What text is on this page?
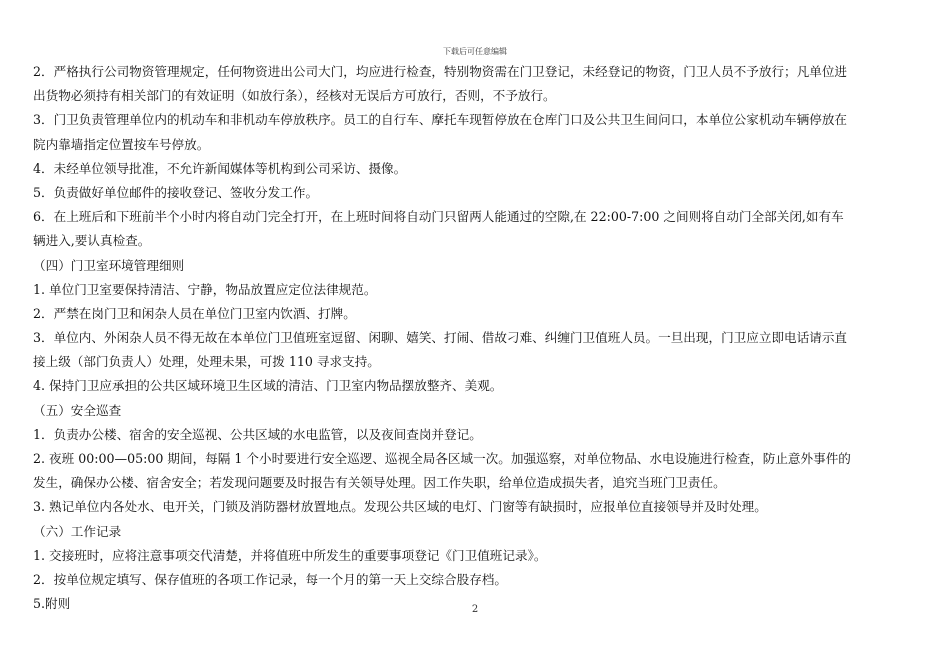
下载后可任意编辑
2．严格执行公司物资管理规定，任何物资进出公司大门，均应进行检查，特别物资需在门卫登记，未经登记的物资，门卫人员不予放行；凡单位进
出货物必须持有相关部门的有效证明（如放行条），经核对无误后方可放行，否则，不予放行。
3．门卫负责管理单位内的机动车和非机动车停放秩序。员工的自行车、摩托车现暂停放在仓库门口及公共卫生间问口，本单位公家机动车辆停放在
院内靠墙指定位置按车号停放。
4．未经单位领导批准，不允许新闻媒体等机构到公司采访、摄像。
5．负责做好单位邮件的接收登记、签收分发工作。
6．在上班后和下班前半个小时内将自动门完全打开，在上班时间将自动门只留两人能通过的空隙,在 22:00-7:00 之间则将自动门全部关闭,如有车
辆进入,要认真检查。
（四）门卫室环境管理细则
1. 单位门卫室要保持清洁、宁静，物品放置应定位法律规范。
2．严禁在岗门卫和闲杂人员在单位门卫室内饮酒、打牌。
3．单位内、外闲杂人员不得无故在本单位门卫值班室逗留、闲聊、嬉笑、打闹、借故刁难、纠缠门卫值班人员。一旦出现，门卫应立即电话请示直
接上级（部门负责人）处理，处理未果，可拨 110 寻求支持。
4. 保持门卫应承担的公共区域环境卫生区域的清洁、门卫室内物品摆放整齐、美观。
（五）安全巡查
1．负责办公楼、宿舍的安全巡视、公共区域的水电监管，以及夜间查岗并登记。
2. 夜班 00:00—05:00 期间，每隔 1 个小时要进行安全巡逻、巡视全局各区域一次。加强巡察，对单位物品、水电设施进行检查，防止意外事件的
发生，确保办公楼、宿舍安全；若发现问题要及时报告有关领导处理。因工作失职，给单位造成损失者，追究当班门卫责任。
3. 熟记单位内各处水、电开关，门锁及消防器材放置地点。发现公共区域的电灯、门窗等有缺损时，应报单位直接领导并及时处理。
（六）工作记录
1. 交接班时，应将注意事项交代清楚，并将值班中所发生的重要事项登记《门卫值班记录》。
2．按单位规定填写、保存值班的各项工作记录，每一个月的第一天上交综合股存档。
5.附则	2
